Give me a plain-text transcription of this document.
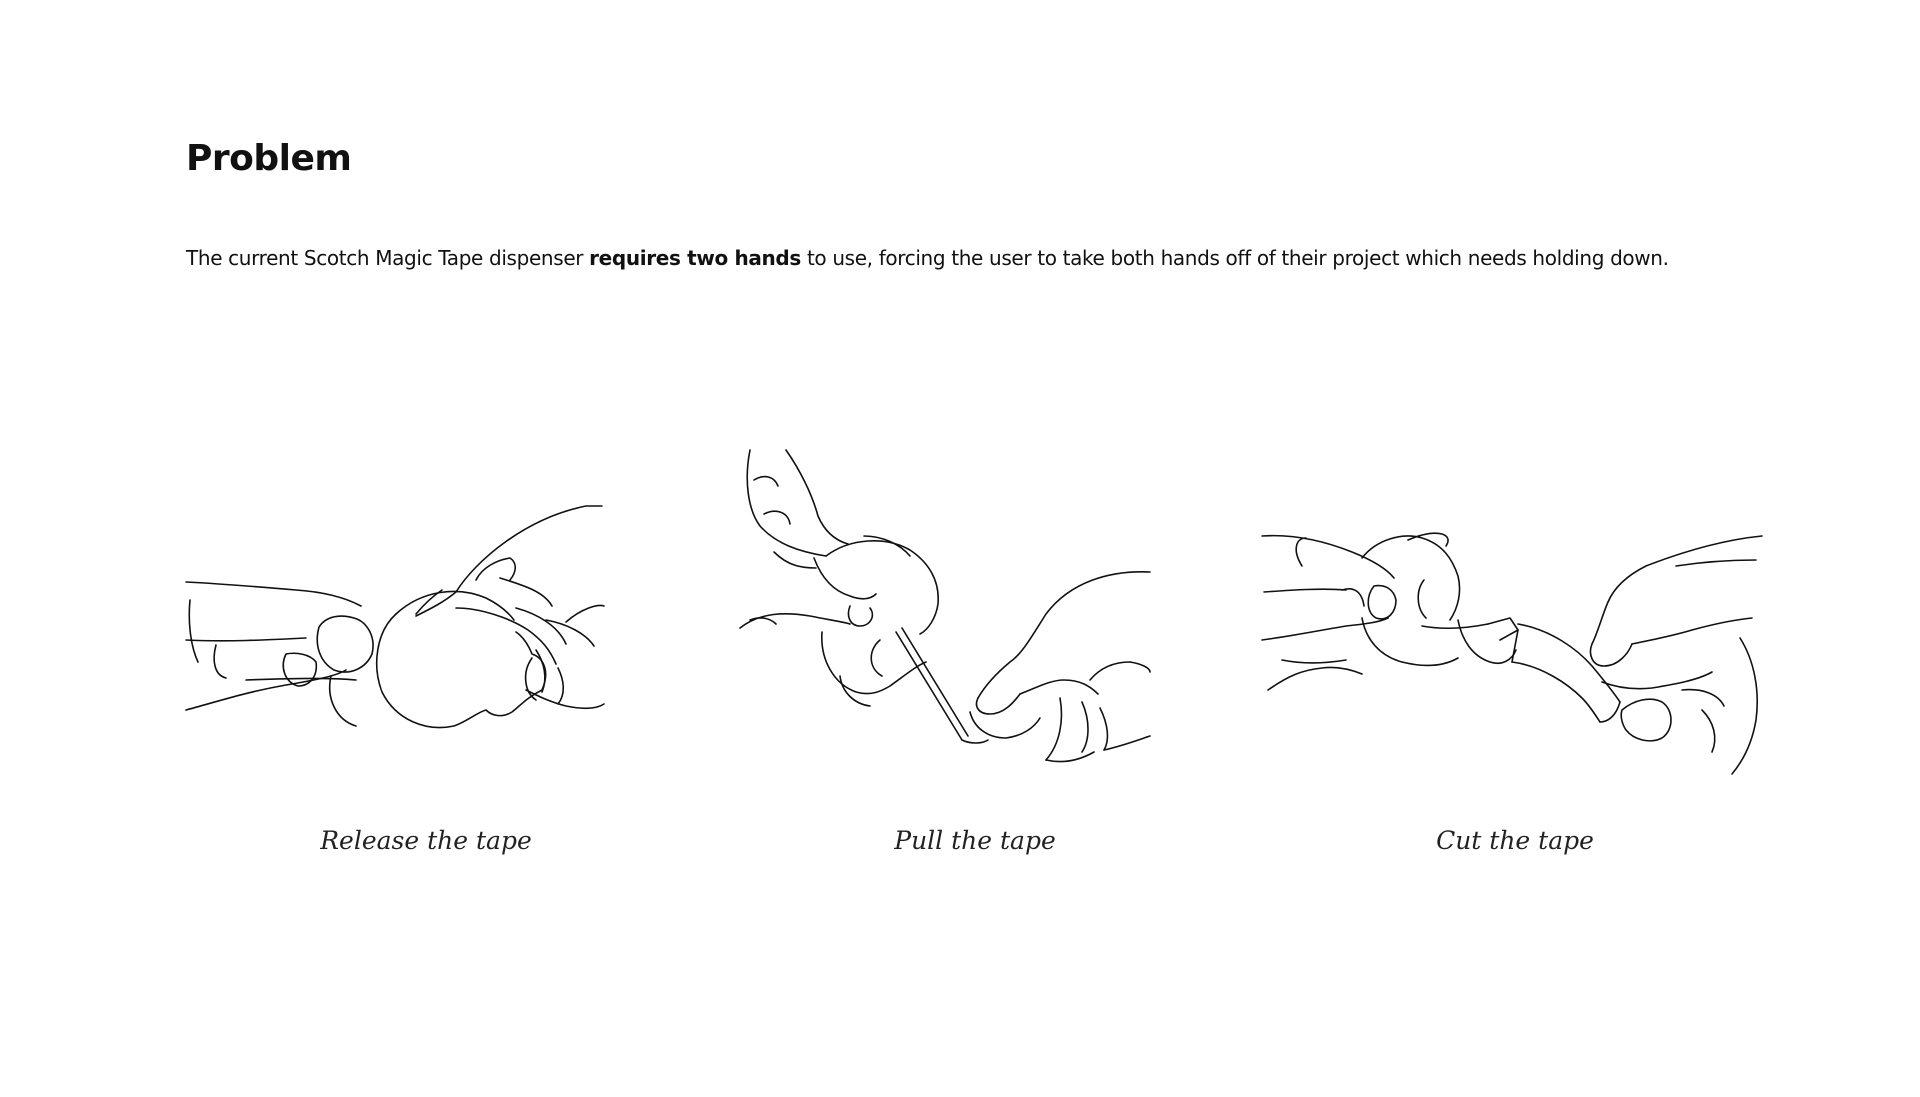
Problem

The current Scotch Magic Tape dispenser requires two hands to use, forcing the user to take both hands off of their project which needs holding down.

Release the tape	Pull the tape	Cut the tape
